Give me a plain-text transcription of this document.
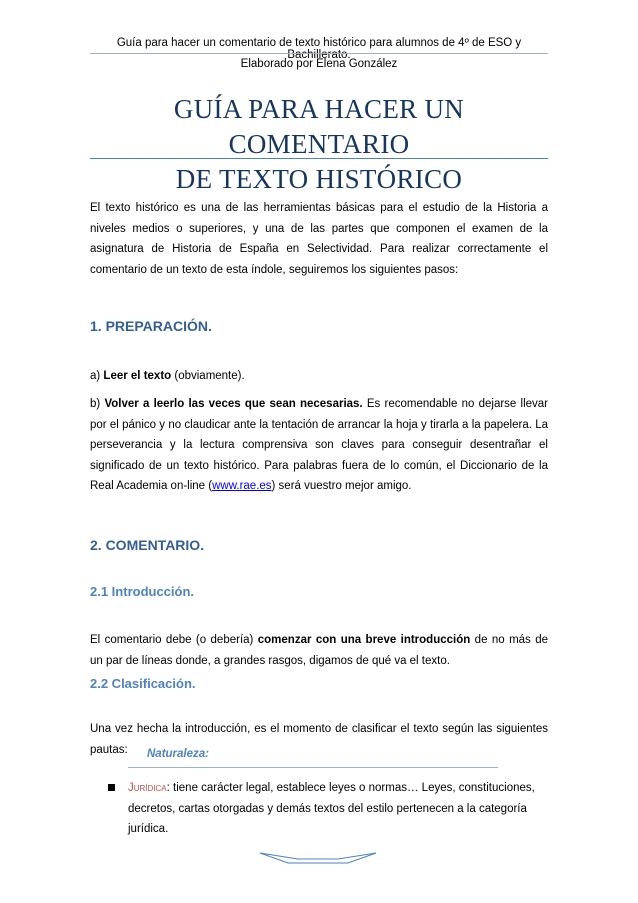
Guía para hacer un comentario de texto histórico para alumnos de 4º de ESO y Bachillerato.
Elaborado por Elena González
GUÍA PARA HACER UN COMENTARIO
DE TEXTO HISTÓRICO
El texto histórico es una de las herramientas básicas para el estudio de la Historia a niveles medios o superiores, y una de las partes que componen el examen de la asignatura de Historia de España en Selectividad. Para realizar correctamente el comentario de un texto de esta índole, seguiremos los siguientes pasos:
1. PREPARACIÓN.
a) Leer el texto (obviamente).
b) Volver a leerlo las veces que sean necesarias. Es recomendable no dejarse llevar por el pánico y no claudicar ante la tentación de arrancar la hoja y tirarla a la papelera. La perseverancia y la lectura comprensiva son claves para conseguir desentrañar el significado de un texto histórico. Para palabras fuera de lo común, el Diccionario de la Real Academia on-line (www.rae.es) será vuestro mejor amigo.
2. COMENTARIO.
2.1 Introducción.
El comentario debe (o debería) comenzar con una breve introducción de no más de un par de líneas donde, a grandes rasgos, digamos de qué va el texto.
2.2 Clasificación.
Una vez hecha la introducción, es el momento de clasificar el texto según las siguientes pautas:	Naturaleza:
Jurídica: tiene carácter legal, establece leyes o normas… Leyes, constituciones, decretos, cartas otorgadas y demás textos del estilo pertenecen a la categoría jurídica.
